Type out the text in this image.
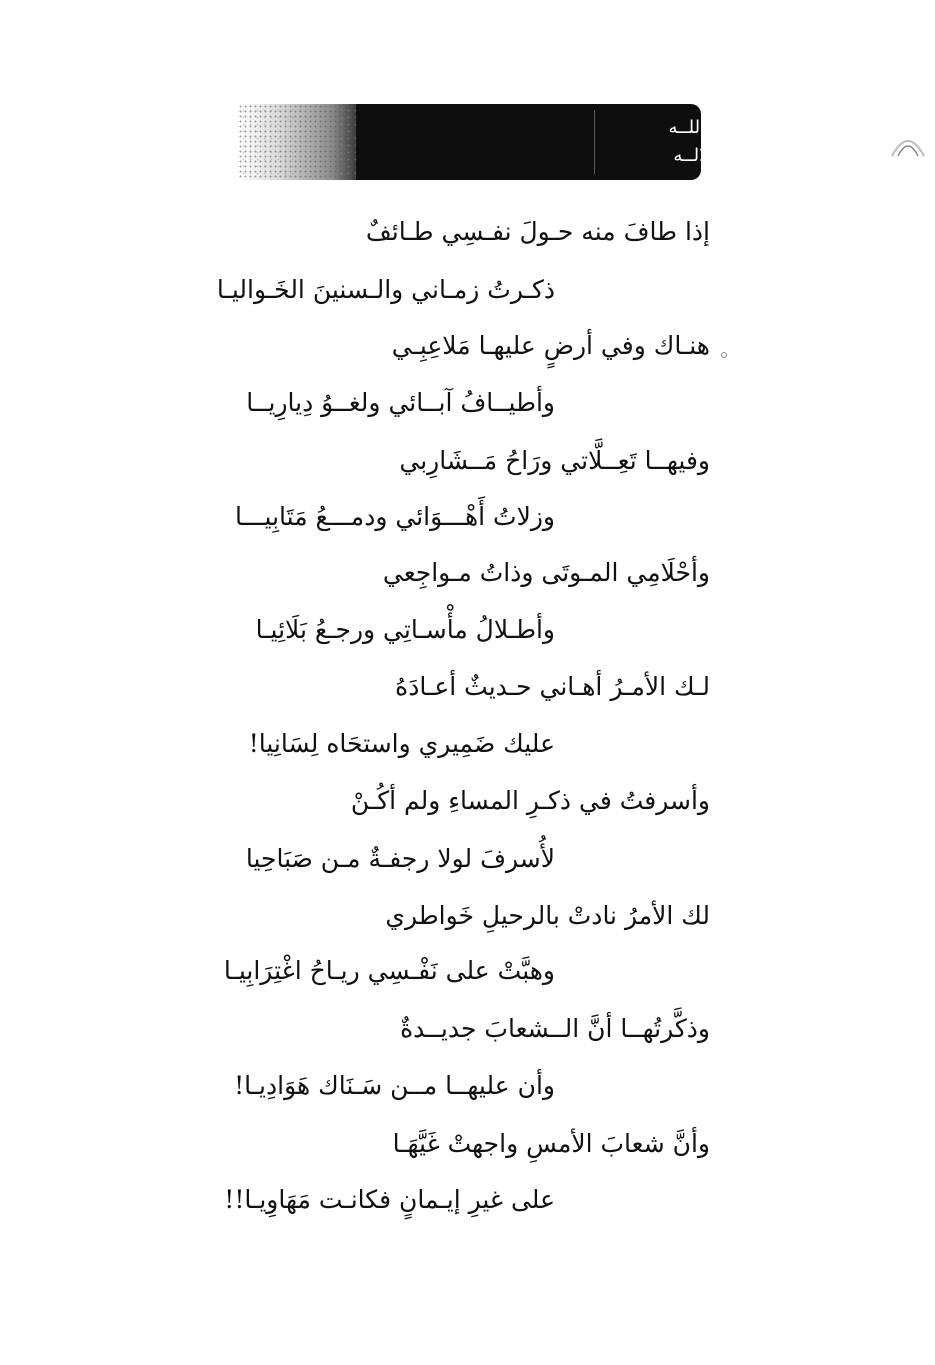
تعظـيم اللــه
جـل جـلالــه	الله
إذا طافَ منه حـولَ نفـسِي طـائفٌ
ذكـرتُ زمـاني والـسنينَ الخَـواليـا
هنـاك وفي أرضٍ عليهـا مَلاعِبِـي
وأطيــافُ آبــائي ولغــوُ دِيارِيــا
وفيهــا تَعِــلَّاتي ورَاحُ مَــشَارِبي
وزلاتُ أَهْـــوَائي ودمـــعُ مَتَابِيـــا
وأحْلَامِي المـوتَى وذاتُ مـواجِعي
وأطـلالُ مأْسـاتِي ورجـعُ بَلَائِيـا
لـك الأمـرُ أهـاني حـديثٌ أعـادَهُ
عليك ضَمِيري واستحَاه لِسَانِيا!
وأسرفتُ في ذكـرِ المساءِ ولم أكُـنْ
لأُسرفَ لولا رجفـةٌ مـن صَبَاحِيا
لك الأمرُ نادتْ بالرحيلِ خَواطري
وهبَّتْ على نَفْـسِي ريـاحُ اغْتِرَابِيـا
وذكَّرتُهــا أنَّ الــشعابَ جديــدةٌ
وأن عليهــا مــن سَـنَاك هَوَادِيـا!
وأنَّ شعابَ الأمسِ واجهتْ غَيَّهَـا
على غيرِ إيـمانٍ فكانـت مَهَاوِيـا!!
